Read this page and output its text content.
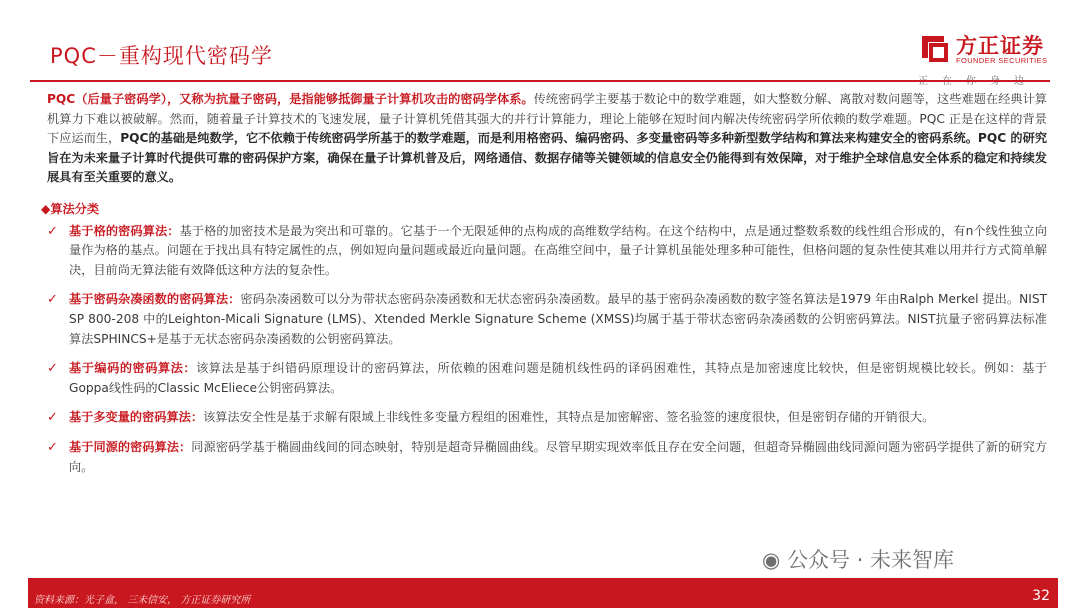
PQC－重构现代密码学	方正证券
FOUNDER SECURITIES

PQC（后量子密码学），又称为抗量子密码，是指能够抵御量子计算机攻击的密码学体系。传统密码学主要基于数论中的数学难题，如大整数分解、离散对数问题等，这些难题在经典计算机算力下难以被破解。然而，随着量子计算技术的飞速发展，量子计算机凭借其强大的并行计算能力，理论上能够在短时间内解决传统密码学所依赖的数学难题。PQC 正是在这样的背景下应运而生，PQC的基础是纯数学，它不依赖于传统密码学所基于的数学难题，而是利用格密码、编码密码、多变量密码等多种新型数学结构和算法来构建安全的密码系统。PQC 的研究旨在为未来量子计算时代提供可靠的密码保护方案，确保在量子计算机普及后，网络通信、数据存储等关键领域的信息安全仍能得到有效保障，对于维护全球信息安全体系的稳定和持续发展具有至关重要的意义。

◆算法分类
✓ 基于格的密码算法：基于格的加密技术是最为突出和可靠的。它基于一个无限延伸的点构成的高维数学结构。在这个结构中，点是通过整数系数的线性组合形成的，有n个线性独立向量作为格的基点。问题在于找出具有特定属性的点，例如短向量问题或最近向量问题。在高维空间中，量子计算机虽能处理多种可能性，但格问题的复杂性使其难以用并行方式简单解决，目前尚无算法能有效降低这种方法的复杂性。
✓ 基于密码杂凑函数的密码算法：密码杂凑函数可以分为带状态密码杂凑函数和无状态密码杂凑函数。最早的基于密码杂凑函数的数字签名算法是1979 年由Ralph Merkel 提出。NIST SP 800-208 中的Leighton-Micali Signature (LMS)、Xtended Merkle Signature Scheme (XMSS)均属于基于带状态密码杂凑函数的公钥密码算法。NIST抗量子密码算法标准算法SPHINCS+是基于无状态密码杂凑函数的公钥密码算法。
✓ 基于编码的密码算法：该算法是基于纠错码原理设计的密码算法，所依赖的困难问题是随机线性码的译码困难性，其特点是加密速度比较快，但是密钥规模比较长。例如：基于Goppa线性码的Classic McEliece公钥密码算法。
✓ 基于多变量的密码算法：该算法安全性是基于求解有限域上非线性多变量方程组的困难性，其特点是加密解密、签名验签的速度很快，但是密钥存储的开销很大。
✓ 基于同源的密码算法：同源密码学基于椭圆曲线间的同态映射，特别是超奇异椭圆曲线。尽管早期实现效率低且存在安全问题，但超奇异椭圆曲线同源问题为密码学提供了新的研究方向。
◉ 公众号 · 未来智库
资料来源：光子盒， 三未信安， 方正证券研究所	32
